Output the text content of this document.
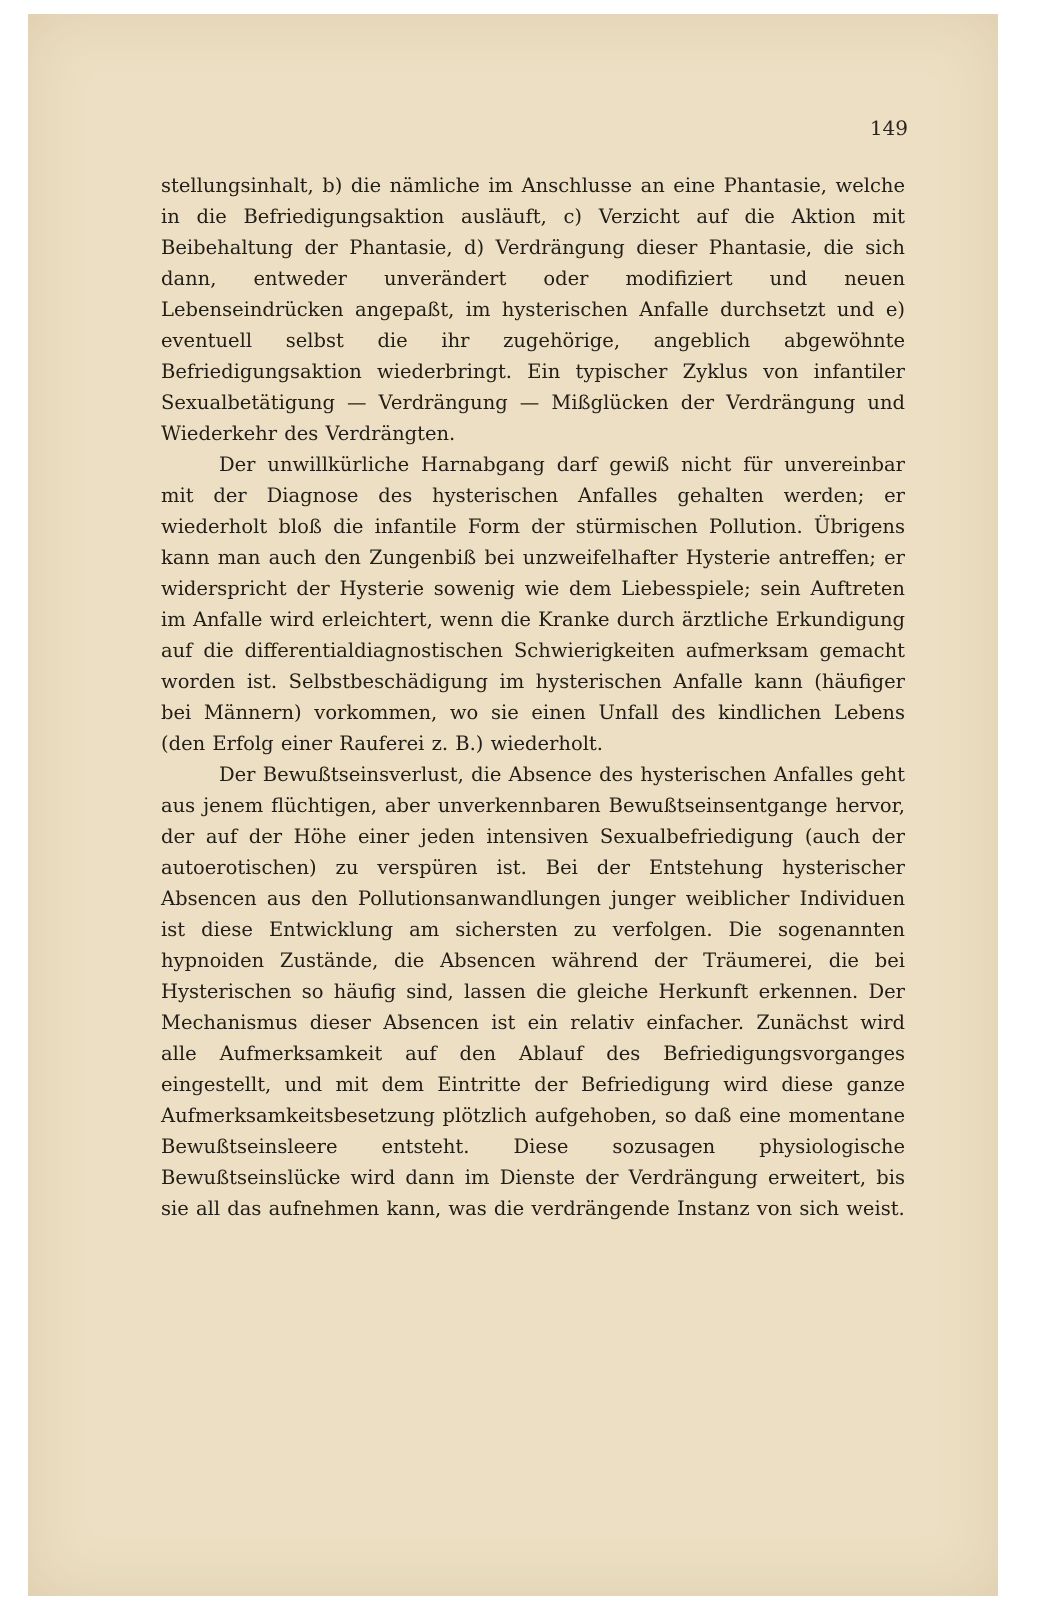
149

stellungsinhalt, b) die nämliche im Anschlusse an eine Phantasie, welche in die Befriedigungsaktion ausläuft, c) Verzicht auf die Aktion mit Beibehaltung der Phantasie, d) Verdrängung dieser Phantasie, die sich dann, entweder unverändert oder modifiziert und neuen Lebenseindrücken angepaßt, im hysterischen Anfalle durchsetzt und e) eventuell selbst die ihr zugehörige, angeblich abgewöhnte Befriedigungsaktion wiederbringt. Ein typischer Zyklus von infantiler Sexualbetätigung — Verdrängung — Mißglücken der Verdrängung und Wiederkehr des Verdrängten.

Der unwillkürliche Harnabgang darf gewiß nicht für unvereinbar mit der Diagnose des hysterischen Anfalles gehalten werden; er wiederholt bloß die infantile Form der stürmischen Pollution. Übrigens kann man auch den Zungenbiß bei unzweifelhafter Hysterie antreffen; er widerspricht der Hysterie sowenig wie dem Liebesspiele; sein Auftreten im Anfalle wird erleichtert, wenn die Kranke durch ärztliche Erkundigung auf die differentialdiagnostischen Schwierigkeiten aufmerksam gemacht worden ist. Selbstbeschädigung im hysterischen Anfalle kann (häufiger bei Männern) vorkommen, wo sie einen Unfall des kindlichen Lebens (den Erfolg einer Rauferei z. B.) wiederholt.

Der Bewußtseinsverlust, die Absence des hysterischen Anfalles geht aus jenem flüchtigen, aber unverkennbaren Bewußtseinsentgange hervor, der auf der Höhe einer jeden intensiven Sexualbefriedigung (auch der autoerotischen) zu verspüren ist. Bei der Entstehung hysterischer Absencen aus den Pollutionsanwandlungen junger weiblicher Individuen ist diese Entwicklung am sichersten zu verfolgen. Die sogenannten hypnoiden Zustände, die Absencen während der Träumerei, die bei Hysterischen so häufig sind, lassen die gleiche Herkunft erkennen. Der Mechanismus dieser Absencen ist ein relativ einfacher. Zunächst wird alle Aufmerksamkeit auf den Ablauf des Befriedigungsvorganges eingestellt, und mit dem Eintritte der Befriedigung wird diese ganze Aufmerksamkeitsbesetzung plötzlich aufgehoben, so daß eine momentane Bewußtseinsleere entsteht. Diese sozusagen physiologische Bewußtseinslücke wird dann im Dienste der Verdrängung erweitert, bis sie all das aufnehmen kann, was die verdrängende Instanz von sich weist.
